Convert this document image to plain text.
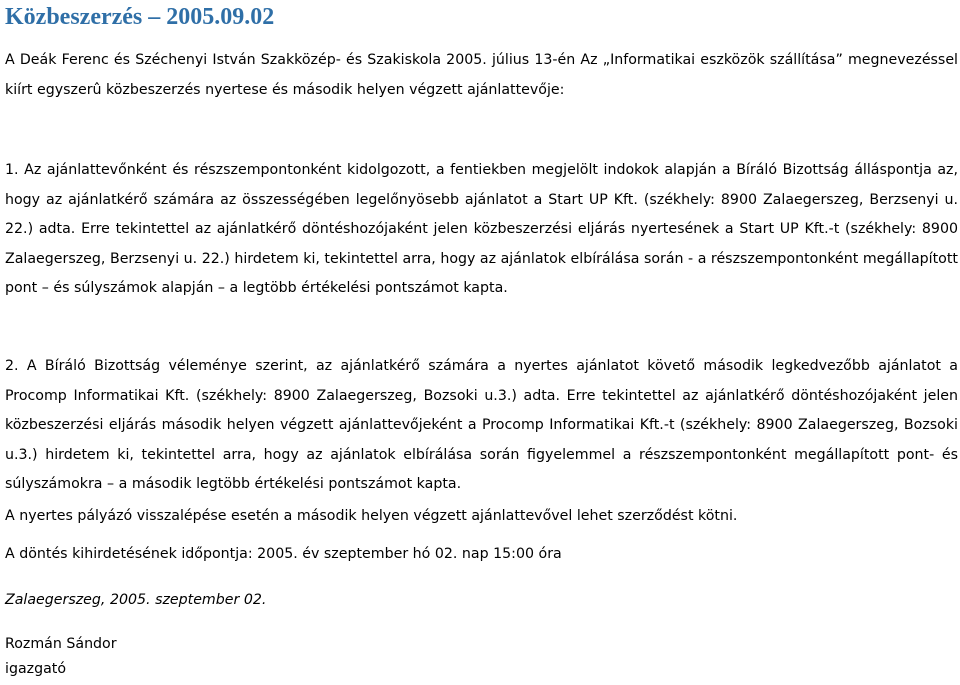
Közbeszerzés – 2005.09.02

A Deák Ferenc és Széchenyi István Szakközép- és Szakiskola 2005. július 13-én Az „Informatikai eszközök szállítása” megnevezéssel kiírt egyszerû közbeszerzés nyertese és második helyen végzett ajánlattevője:

1. Az ajánlattevőnként és részszempontonként kidolgozott, a fentiekben megjelölt indokok alapján a Bíráló Bizottság álláspontja az, hogy az ajánlatkérő számára az összességében legelőnyösebb ajánlatot a Start UP Kft. (székhely: 8900 Zalaegerszeg, Berzsenyi u. 22.) adta. Erre tekintettel az ajánlatkérő döntéshozójaként jelen közbeszerzési eljárás nyertesének a Start UP Kft.-t (székhely: 8900 Zalaegerszeg, Berzsenyi u. 22.) hirdetem ki, tekintettel arra, hogy az ajánlatok elbírálása során - a részszempontonként megállapított pont – és súlyszámok alapján – a legtöbb értékelési pontszámot kapta.

2. A Bíráló Bizottság véleménye szerint, az ajánlatkérő számára a nyertes ajánlatot követő második legkedvezőbb ajánlatot a Procomp Informatikai Kft. (székhely: 8900 Zalaegerszeg, Bozsoki u.3.) adta. Erre tekintettel az ajánlatkérő döntéshozójaként jelen közbeszerzési eljárás második helyen végzett ajánlattevőjeként a Procomp Informatikai Kft.-t (székhely: 8900 Zalaegerszeg, Bozsoki u.3.) hirdetem ki, tekintettel arra, hogy az ajánlatok elbírálása során figyelemmel a részszempontonként megállapított pont- és súlyszámokra – a második legtöbb értékelési pontszámot kapta.

A nyertes pályázó visszalépése esetén a második helyen végzett ajánlattevővel lehet szerződést kötni.

A döntés kihirdetésének időpontja: 2005. év szeptember hó 02. nap 15:00 óra

Zalaegerszeg, 2005. szeptember 02.

Rozmán Sándor

igazgató
